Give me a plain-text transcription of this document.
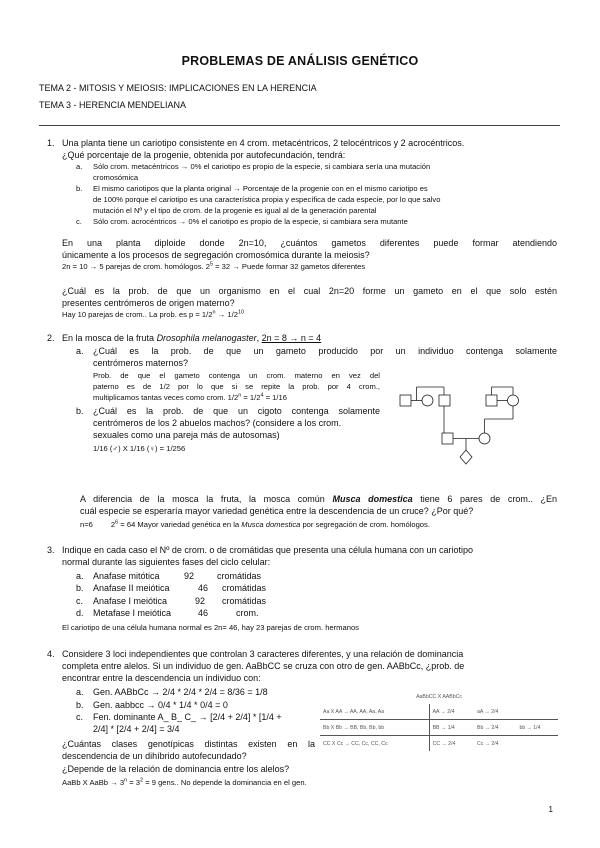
PROBLEMAS DE ANÁLISIS GENÉTICO
TEMA 2 - MITOSIS Y MEIOSIS: IMPLICACIONES EN LA HERENCIA
TEMA 3 - HERENCIA MENDELIANA
1. Una planta tiene un cariotipo consistente en 4 crom. metacéntricos, 2 telocéntricos y 2 acrocéntricos.
¿Qué porcentaje de la progenie, obtenida por autofecundación, tendrá:
a. Sólo crom. metacéntricos → 0% el cariotipo es propio de la especie, si cambiara sería una mutación
cromosómica
b. El mismo cariotipos que la planta original → Porcentaje de la progenie con en el mismo cariotipo es
de 100% porque el cariotipo es una característica propia y específica de cada especie, por lo que salvo
mutación el Nº y el tipo de crom. de la progenie es igual al de la generación parental
c. Sólo crom. acrocéntricos → 0% el cariotipo es propio de la especie, si cambiara sera mutante
En una planta diploide donde 2n=10, ¿cuántos gametos diferentes puede formar atendiendo
únicamente a los procesos de segregación cromosómica durante la meiosis?
2n = 10 → 5 parejas de crom. homólogos. $2^5 = 32$ → Puede formar 32 gametos diferentes
¿Cuál es la prob. de que un organismo en el cual 2n=20 forme un gameto en el que solo estén
presentes centrómeros de origen materno?
Hay 10 parejas de crom.. La prob. es $p = 1/2^n \to 1/2^{10}$
2. En la mosca de la fruta Drosophila melanogaster, 2n = 8 → n = 4
a. ¿Cuál es la prob. de que un gameto producido por un individuo contenga solamente
centrómeros maternos?
Prob. de que el gameto contenga un crom. materno en vez del
paterno es de 1/2 por lo que si se repite la prob. por 4 crom.,
multiplicamos tantas veces como crom. $1/2^n = 1/2^4 = 1/16$
b. ¿Cuál es la prob. de que un cigoto contenga solamente
centrómeros de los 2 abuelos machos? (considere a los crom.
sexuales como una pareja más de autosomas)
1/16 (♂) X 1/16 (♀) = 1/256
A diferencia de la mosca la fruta, la mosca común Musca domestica tiene 6 pares de crom.. ¿En
cuál especie se esperaría mayor variedad genética entre la descendencia de un cruce? ¿Por qué?
n=6 $2^6 = 64$ Mayor variedad genética en la Musca domestica por segregación de crom. homólogos.
3. Indique en cada caso el Nº de crom. o de cromátidas que presenta una célula humana con un cariotipo
normal durante las siguientes fases del ciclo celular:
a. Anafase mitótica	92	cromátidas
b. Anafase II meiótica	46 cromátidas
c. Anafase I meiótica	92 cromátidas
d. Metafase I meiótica	46	crom.
El cariotipo de una célula humana normal es 2n= 46, hay 23 parejas de crom. hermanos
4. Considere 3 loci independientes que controlan 3 caracteres diferentes, y una relación de dominancia
completa entre alelos. Si un individuo de gen. AaBbCC se cruza con otro de gen. AABbCc, ¿prob. de
encontrar entre la descendencia un individuo con:
a. Gen. AABbCc → 2/4 * 2/4 * 2/4 = 8/36 = 1/8
b. Gen. aabbcc → 0/4 * 1/4 * 0/4 = 0
c. Fen. dominante A_ B_ C_ → [2/4 + 2/4] * [1/4 +
2/4] * [2/4 + 2/4] = 3/4
¿Cuántas clases genotípicas distintas existen en la
descendencia de un dihíbrido autofecundado?
¿Depende de la relación de dominancia entre los alelos?
AaBb X AaBb → $3^n = 3^2 = 9$ gens.. No depende la dominancia en el gen.
AaBbCC X AABbCc			
Aa X AA → AA, AA, Aa, Aa	AA → 2/4	aA → 2/4	
Bb X Bb → BB, Bb, Bb, bb	BB → 1/4	Bb → 2/4	bb → 1/4
CC X Cc → CC, Cc, CC, Cc	CC → 2/4	Cc → 2/4	
1
